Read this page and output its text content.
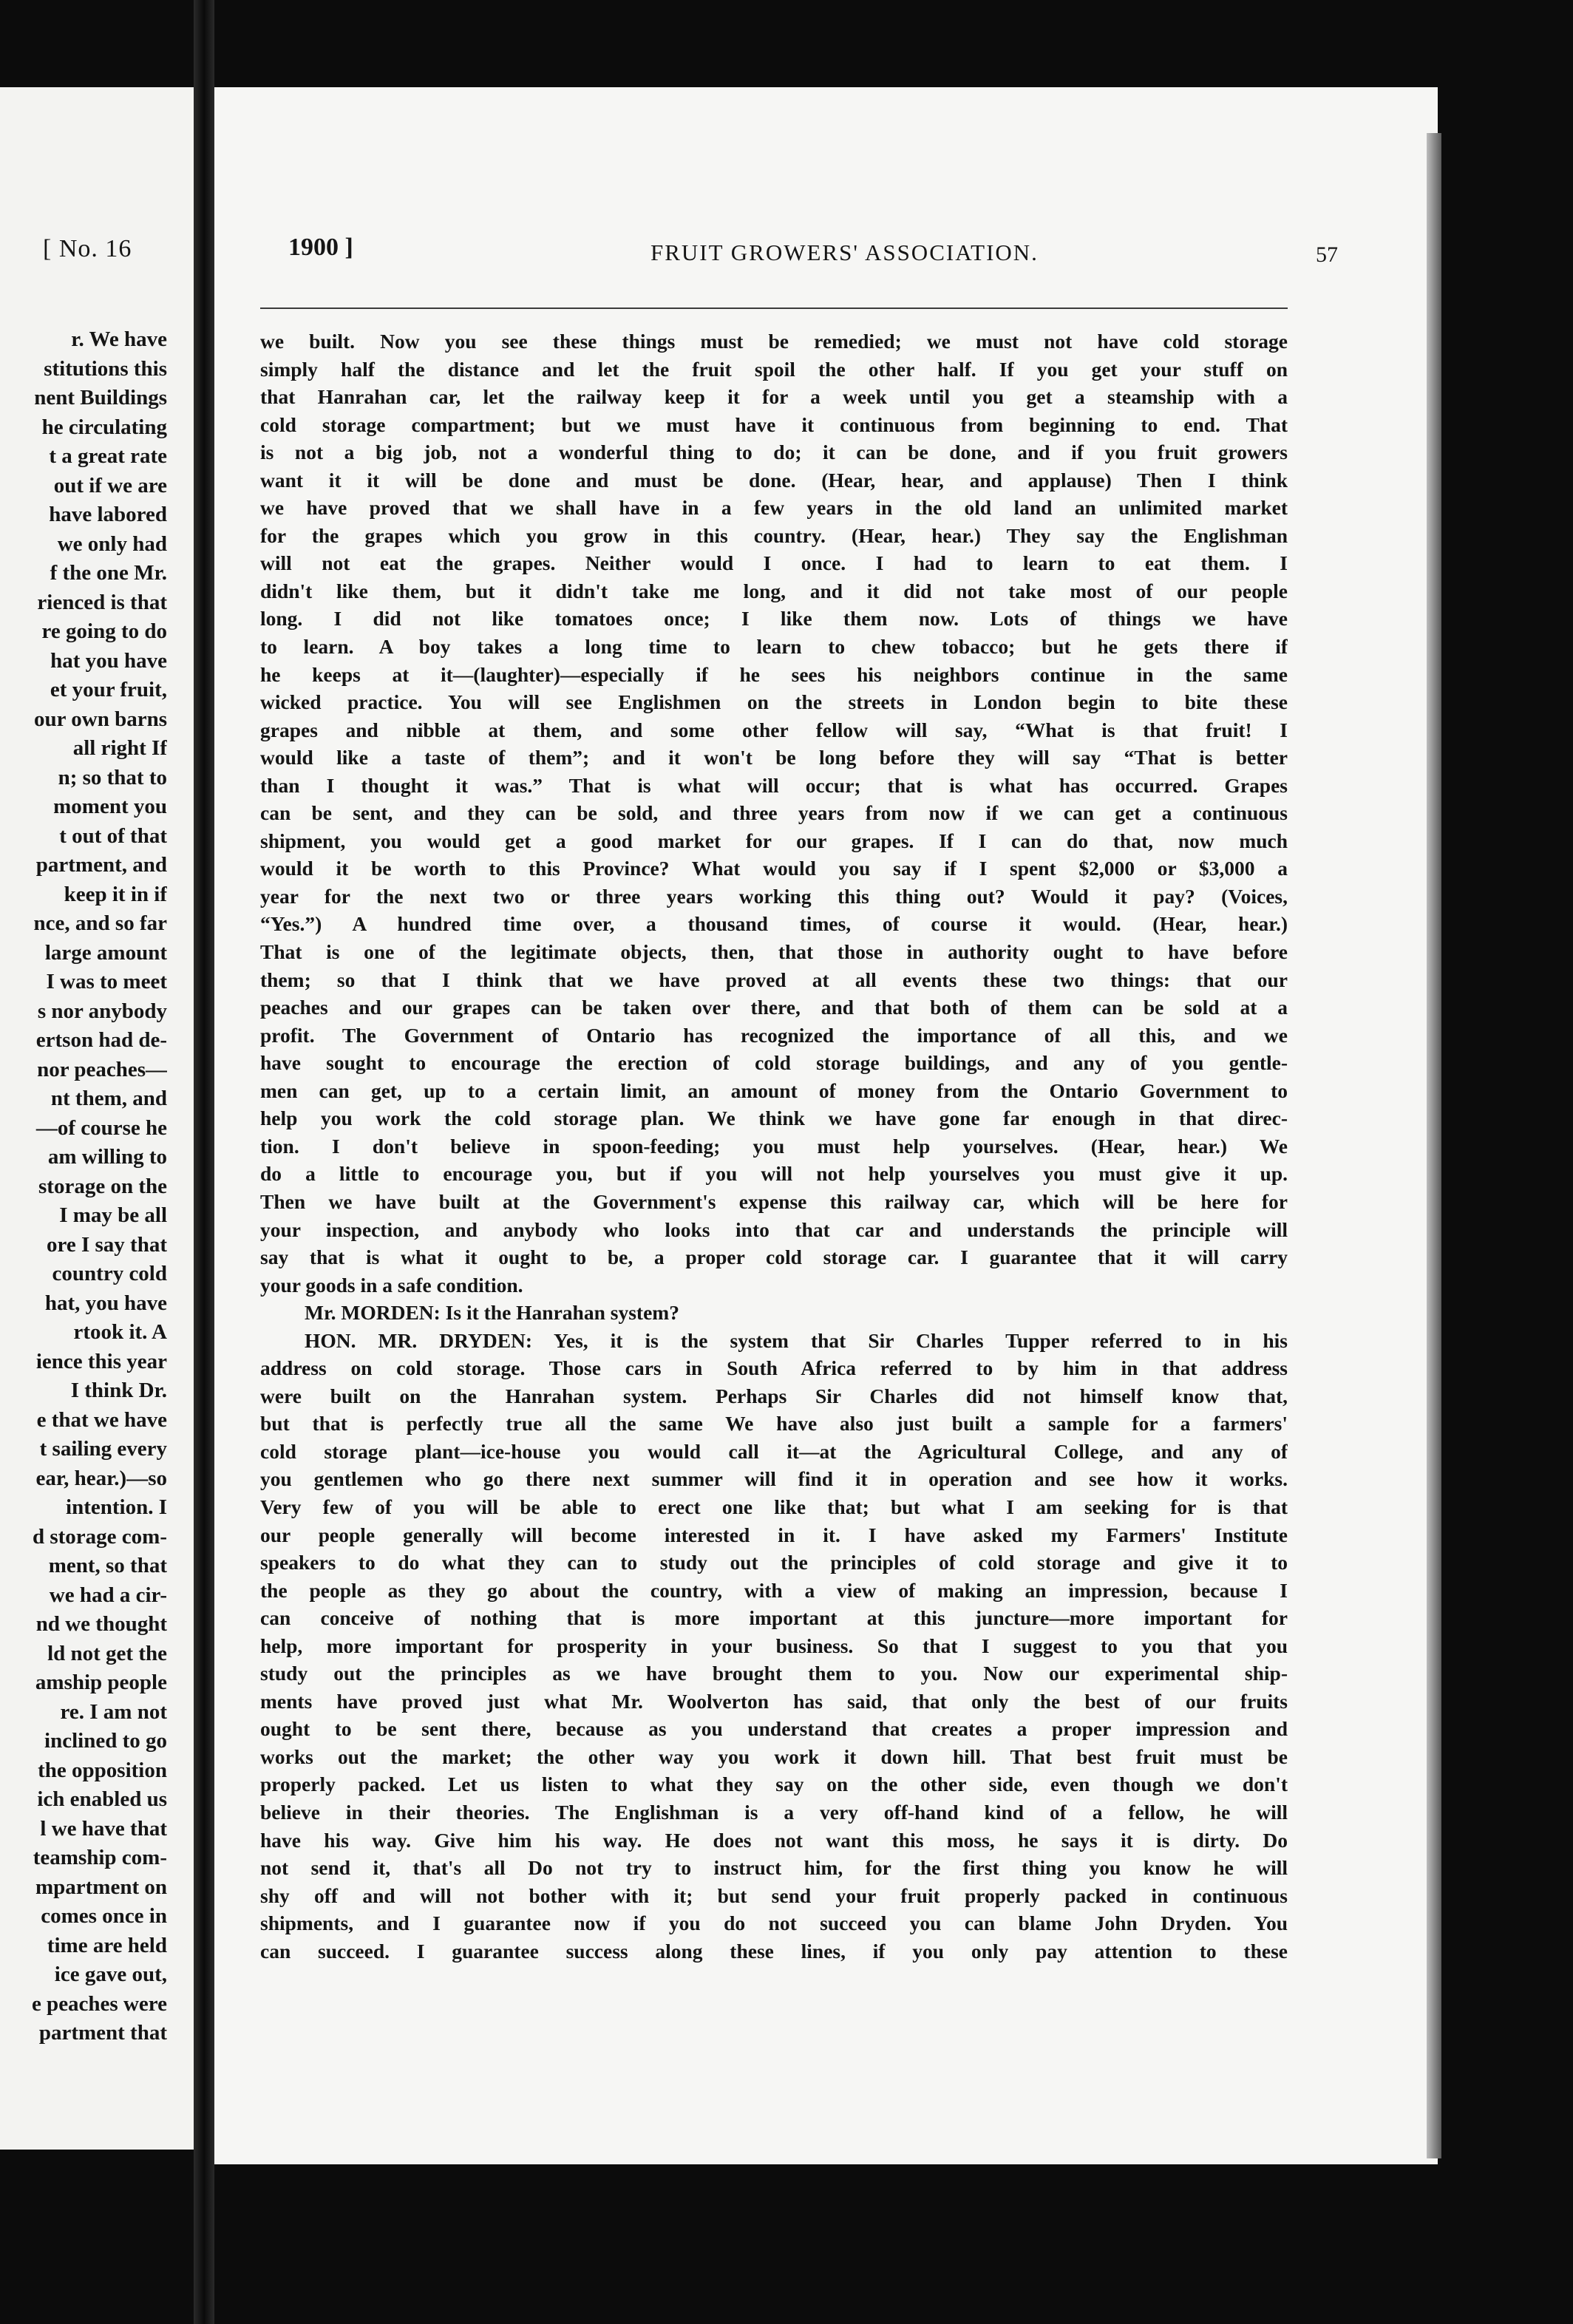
[ No. 16
r. We have
stitutions this
nent Buildings
he circulating
t a great rate
out if we are
have labored
we only had
f the one Mr.
rienced is that
re going to do
hat you have
et your fruit,
our own barns
all right If
n; so that to
moment you
t out of that
partment, and
keep it in if
nce, and so far
large amount
I was to meet
s nor anybody
ertson had de-
nor peaches—
nt them, and
—of course he
am willing to
storage on the
I may be all
ore I say that
country cold
hat, you have
rtook it. A
ience this year
I think Dr.
e that we have
t sailing every
ear, hear.)—so
intention. I
d storage com-
ment, so that
we had a cir-
nd we thought
ld not get the
amship people
re. I am not
inclined to go
the opposition
ich enabled us
l we have that
teamship com-
mpartment on
comes once in
time are held
ice gave out,
e peaches were
partment that
1900 ]	FRUIT GROWERS' ASSOCIATION.	57
we built. Now you see these things must be remedied; we must not have cold storage
simply half the distance and let the fruit spoil the other half. If you get your stuff on
that Hanrahan car, let the railway keep it for a week until you get a steamship with a
cold storage compartment; but we must have it continuous from beginning to end. That
is not a big job, not a wonderful thing to do; it can be done, and if you fruit growers
want it it will be done and must be done. (Hear, hear, and applause) Then I think
we have proved that we shall have in a few years in the old land an unlimited market
for the grapes which you grow in this country. (Hear, hear.) They say the Englishman
will not eat the grapes. Neither would I once. I had to learn to eat them. I
didn't like them, but it didn't take me long, and it did not take most of our people
long. I did not like tomatoes once; I like them now. Lots of things we have
to learn. A boy takes a long time to learn to chew tobacco; but he gets there if
he keeps at it—(laughter)—especially if he sees his neighbors continue in the same
wicked practice. You will see Englishmen on the streets in London begin to bite these
grapes and nibble at them, and some other fellow will say, “What is that fruit! I
would like a taste of them”; and it won't be long before they will say “That is better
than I thought it was.” That is what will occur; that is what has occurred. Grapes
can be sent, and they can be sold, and three years from now if we can get a continuous
shipment, you would get a good market for our grapes. If I can do that, now much
would it be worth to this Province? What would you say if I spent $2,000 or $3,000 a
year for the next two or three years working this thing out? Would it pay? (Voices,
“Yes.”) A hundred time over, a thousand times, of course it would. (Hear, hear.)
That is one of the legitimate objects, then, that those in authority ought to have before
them; so that I think that we have proved at all events these two things: that our
peaches and our grapes can be taken over there, and that both of them can be sold at a
profit. The Government of Ontario has recognized the importance of all this, and we
have sought to encourage the erection of cold storage buildings, and any of you gentle-
men can get, up to a certain limit, an amount of money from the Ontario Government to
help you work the cold storage plan. We think we have gone far enough in that direc-
tion. I don't believe in spoon-feeding; you must help yourselves. (Hear, hear.) We
do a little to encourage you, but if you will not help yourselves you must give it up.
Then we have built at the Government's expense this railway car, which will be here for
your inspection, and anybody who looks into that car and understands the principle will
say that is what it ought to be, a proper cold storage car. I guarantee that it will carry
your goods in a safe condition.
Mr. MORDEN: Is it the Hanrahan system?
HON. MR. DRYDEN: Yes, it is the system that Sir Charles Tupper referred to in his
address on cold storage. Those cars in South Africa referred to by him in that address
were built on the Hanrahan system. Perhaps Sir Charles did not himself know that,
but that is perfectly true all the same We have also just built a sample for a farmers'
cold storage plant—ice-house you would call it—at the Agricultural College, and any of
you gentlemen who go there next summer will find it in operation and see how it works.
Very few of you will be able to erect one like that; but what I am seeking for is that
our people generally will become interested in it. I have asked my Farmers' Institute
speakers to do what they can to study out the principles of cold storage and give it to
the people as they go about the country, with a view of making an impression, because I
can conceive of nothing that is more important at this juncture—more important for
help, more important for prosperity in your business. So that I suggest to you that you
study out the principles as we have brought them to you. Now our experimental ship-
ments have proved just what Mr. Woolverton has said, that only the best of our fruits
ought to be sent there, because as you understand that creates a proper impression and
works out the market; the other way you work it down hill. That best fruit must be
properly packed. Let us listen to what they say on the other side, even though we don't
believe in their theories. The Englishman is a very off-hand kind of a fellow, he will
have his way. Give him his way. He does not want this moss, he says it is dirty. Do
not send it, that's all Do not try to instruct him, for the first thing you know he will
shy off and will not bother with it; but send your fruit properly packed in continuous
shipments, and I guarantee now if you do not succeed you can blame John Dryden. You
can succeed. I guarantee success along these lines, if you only pay attention to these
